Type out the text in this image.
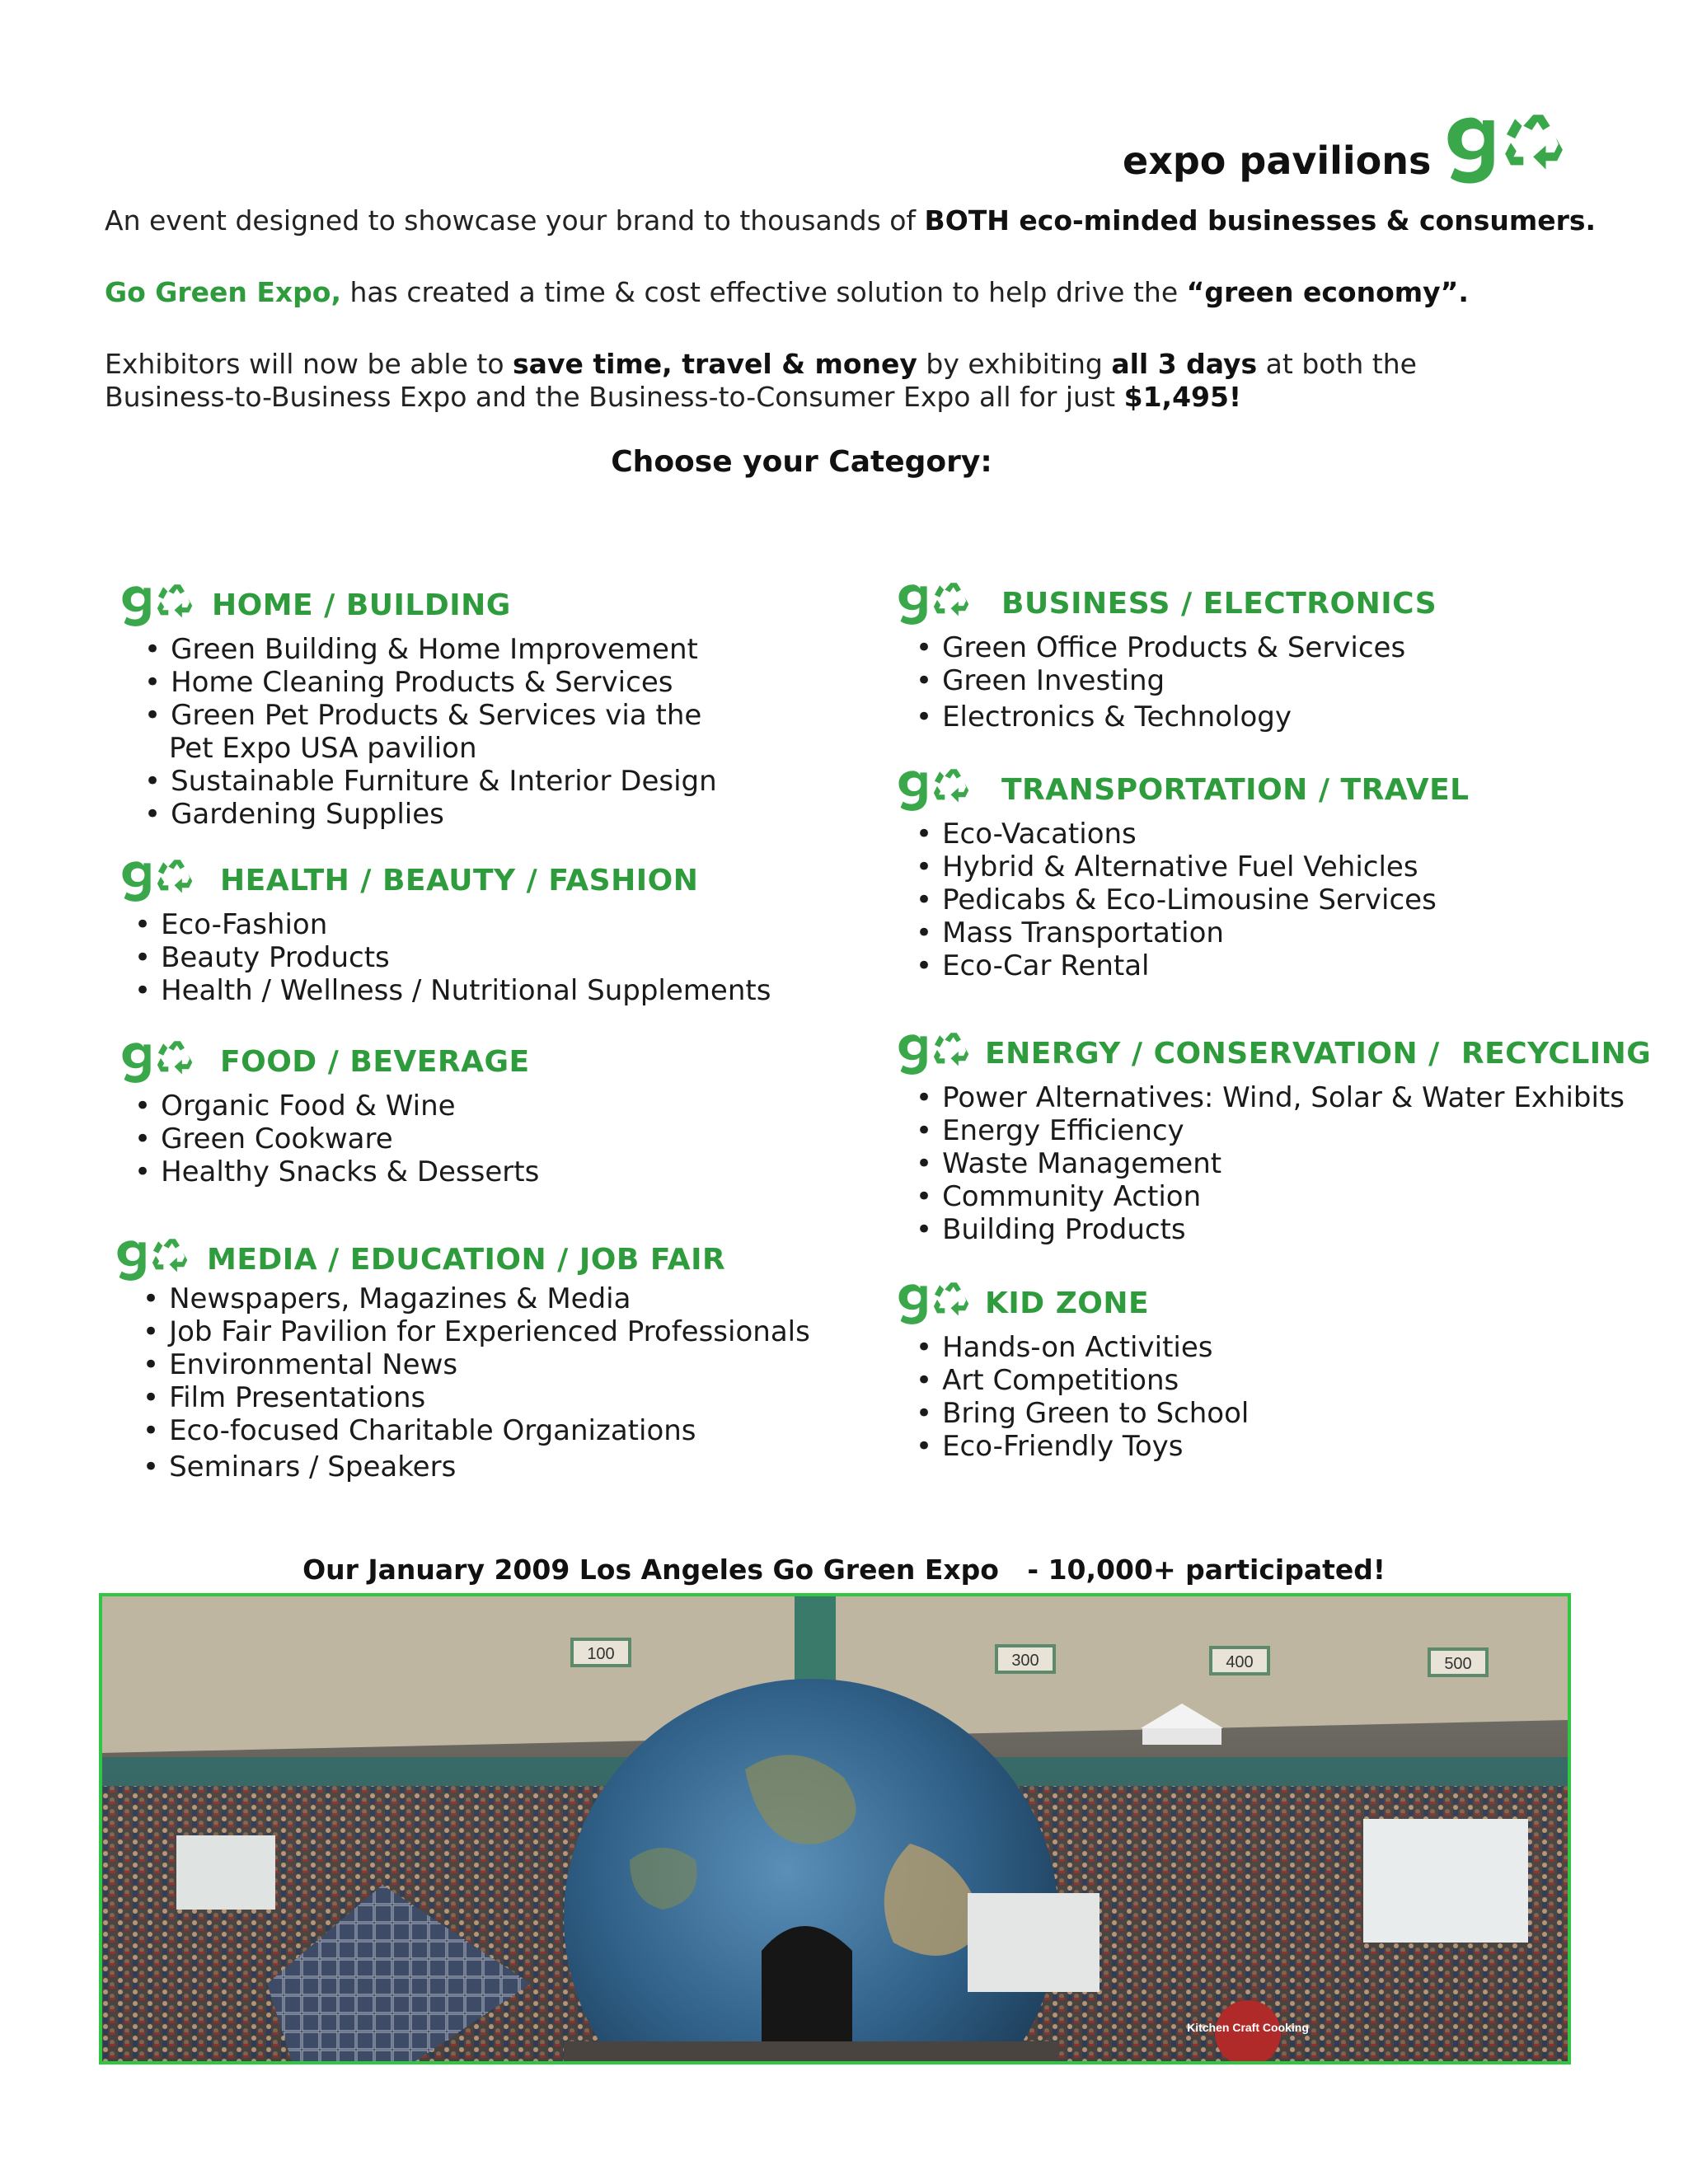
expo pavilions
An event designed to showcase your brand to thousands of BOTH eco-minded businesses & consumers.
Go Green Expo, has created a time & cost effective solution to help drive the “green economy”.
Exhibitors will now be able to save time, travel & money by exhibiting all 3 days at both the
Business-to-Business Expo and the Business-to-Consumer Expo all for just $1,495!
Choose your Category:
HOME / BUILDING
• Green Building & Home Improvement
• Home Cleaning Products & Services
• Green Pet Products & Services via the
Pet Expo USA pavilion
• Sustainable Furniture & Interior Design
• Gardening Supplies
HEALTH / BEAUTY / FASHION
• Eco-Fashion
• Beauty Products
• Health / Wellness / Nutritional Supplements
FOOD / BEVERAGE
• Organic Food & Wine
• Green Cookware
• Healthy Snacks & Desserts
MEDIA / EDUCATION / JOB FAIR
• Newspapers, Magazines & Media
• Job Fair Pavilion for Experienced Professionals
• Environmental News
• Film Presentations
• Eco-focused Charitable Organizations
• Seminars / Speakers
BUSINESS / ELECTRONICS
• Green Office Products & Services
• Green Investing
• Electronics & Technology
TRANSPORTATION / TRAVEL
• Eco-Vacations
• Hybrid & Alternative Fuel Vehicles
• Pedicabs & Eco-Limousine Services
• Mass Transportation
• Eco-Car Rental
ENERGY / CONSERVATION /  RECYCLING
• Power Alternatives: Wind, Solar & Water Exhibits
• Energy Efficiency
• Waste Management
• Community Action
• Building Products
KID ZONE
• Hands-on Activities
• Art Competitions
• Bring Green to School
• Eco-Friendly Toys
Our January 2009 Los Angeles Go Green Expo   - 10,000+ participated!
100	300	400	500
Kitchen Craft Cooking
